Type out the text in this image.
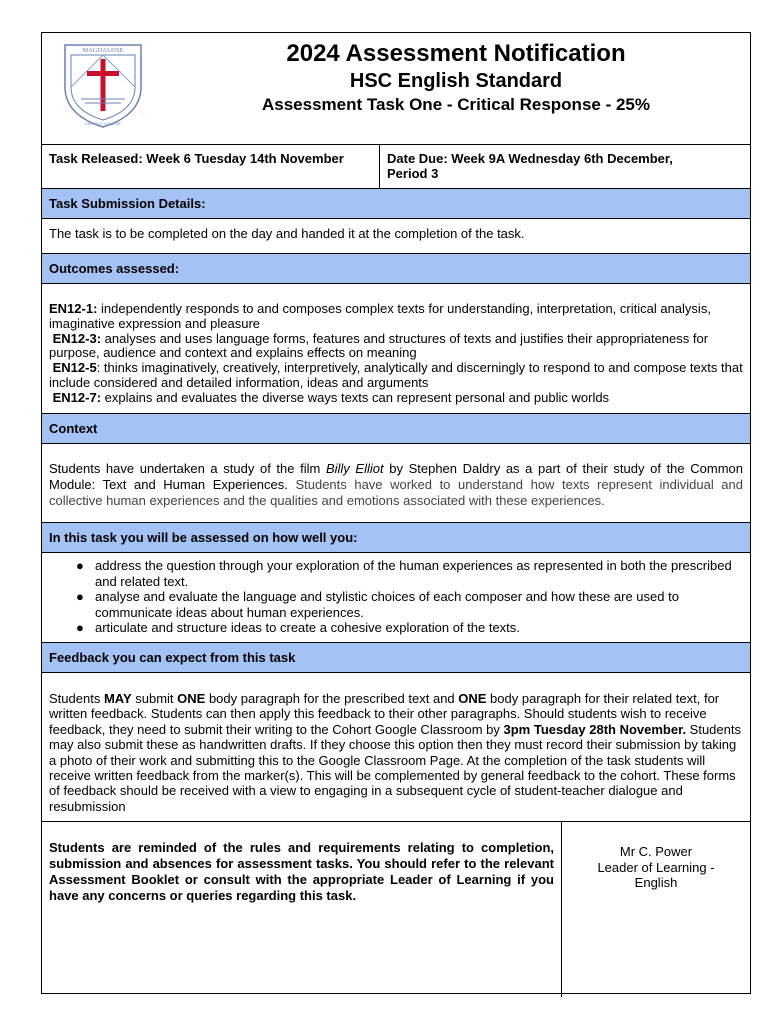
MAGDALENE
CATHOLIC COLLEGE
2024 Assessment Notification
HSC English Standard
Assessment Task One - Critical Response - 25%
Task Released: Week 6 Tuesday 14th November	Date Due: Week 9A Wednesday 6th December,
Period 3
Task Submission Details:
The task is to be completed on the day and handed it at the completion of the task.
Outcomes assessed:
EN12-1: independently responds to and composes complex texts for understanding, interpretation, critical analysis, imaginative expression and pleasure
EN12-3: analyses and uses language forms, features and structures of texts and justifies their appropriateness for purpose, audience and context and explains effects on meaning
EN12-5: thinks imaginatively, creatively, interpretively, analytically and discerningly to respond to and compose texts that include considered and detailed information, ideas and arguments
EN12-7: explains and evaluates the diverse ways texts can represent personal and public worlds
Context
Students have undertaken a study of the film Billy Elliot by Stephen Daldry as a part of their study of the Common Module: Text and Human Experiences. Students have worked to understand how texts represent individual and collective human experiences and the qualities and emotions associated with these experiences.
In this task you will be assessed on how well you:
● address the question through your exploration of the human experiences as represented in both the prescribed and related text.
● analyse and evaluate the language and stylistic choices of each composer and how these are used to communicate ideas about human experiences.
● articulate and structure ideas to create a cohesive exploration of the texts.
Feedback you can expect from this task
Students MAY submit ONE body paragraph for the prescribed text and ONE body paragraph for their related text, for written feedback. Students can then apply this feedback to their other paragraphs. Should students wish to receive feedback, they need to submit their writing to the Cohort Google Classroom by 3pm Tuesday 28th November. Students may also submit these as handwritten drafts. If they choose this option then they must record their submission by taking a photo of their work and submitting this to the Google Classroom Page. At the completion of the task students will receive written feedback from the marker(s). This will be complemented by general feedback to the cohort. These forms of feedback should be received with a view to engaging in a subsequent cycle of student-teacher dialogue and resubmission
Students are reminded of the rules and requirements relating to completion, submission and absences for assessment tasks. You should refer to the relevant Assessment Booklet or consult with the appropriate Leader of Learning if you have any concerns or queries regarding this task.
Mr C. Power
Leader of Learning -
English
